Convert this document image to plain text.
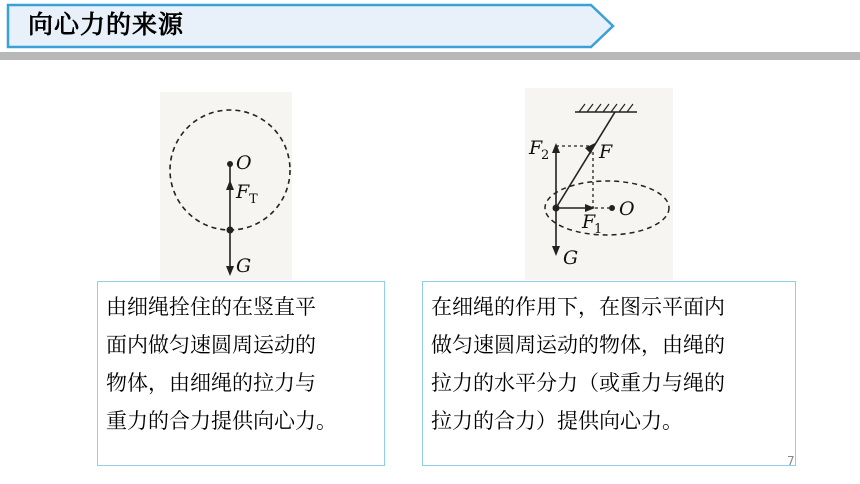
向心力的来源
O
F T
G
F
2	F
O
F
1
G
由细绳拴住的在竖直平
面内做匀速圆周运动的
物体，由细绳的拉力与
重力的合力提供向心力。
在细绳的作用下，在图示平面内
做匀速圆周运动的物体，由绳的
拉力的水平分力（或重力与绳的
拉力的合力）提供向心力。
7
